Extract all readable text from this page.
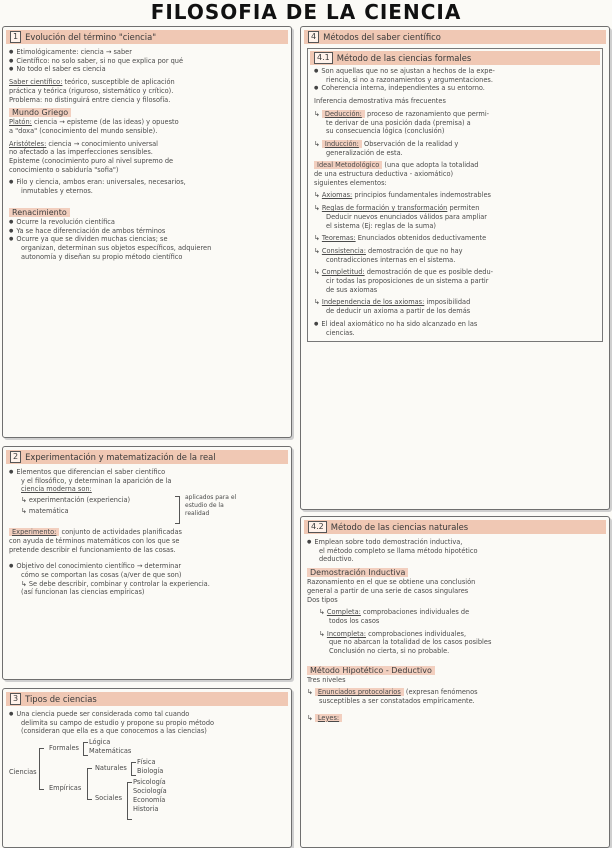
FILOSOFIA DE LA CIENCIA
1 Evolución del término "ciencia"
● Etimológicamente: ciencia → saber
● Científico: no solo saber, si no que explica por qué
● No todo el saber es ciencia
Saber científico: teórico, susceptible de aplicación
práctica y teórica (riguroso, sistemático y crítico).
Problema: no distinguirá entre ciencia y filosofía.
Mundo Griego
Platón: ciencia → episteme (de las ideas) y opuesto
a "doxa" (conocimiento del mundo sensible).
Aristóteles: ciencia → conocimiento universal
no afectado a las imperfecciones sensibles.
Episteme (conocimiento puro al nivel supremo de
conocimiento o sabiduría "sofia")
● Filo y ciencia, ambos eran: universales, necesarios,
inmutables y eternos.
Renacimiento
● Ocurre la revolución científica
● Ya se hace diferenciación de ambos términos
● Ocurre ya que se dividen muchas ciencias; se
organizan, determinan sus objetos específicos, adquieren
autonomía y diseñan su propio método científico
2 Experimentación y matematización de la real
● Elementos que diferencian el saber científico
y el filosófico, y determinan la aparición de la
ciencia moderna son:
↳ experimentación (experiencia)
↳ matemática
aplicados para el
estudio de la
realidad
Experimento: conjunto de actividades planificadas
con ayuda de términos matemáticos con los que se
pretende describir el funcionamiento de las cosas.
● Objetivo del conocimiento científico → determinar
cómo se comportan las cosas (a/ver de que son)
↳ Se debe describir, combinar y controlar la experiencia.
(así funcionan las ciencias empíricas)
3 Tipos de ciencias
● Una ciencia puede ser considerada como tal cuando
delimita su campo de estudio y propone su propio método
(consideran que ella es a que conocemos a las ciencias)
Ciencias
Formales
Lógica
Matemáticas
Empíricas
Naturales
Física
Biología
Sociales
Psicología
Sociología
Economía
Historia
4 Métodos del saber científico
4.1 Método de las ciencias formales
● Son aquellas que no se ajustan a hechos de la expe-
riencia, si no a razonamientos y argumentaciones.
● Coherencia interna, independientes a su entorno.
Inferencia demostrativa más frecuentes
↳ Deducción: proceso de razonamiento que permi-
te derivar de una posición dada (premisa) a
su consecuencia lógica (conclusión)
↳ Inducción: Observación de la realidad y
generalización de esta.
Ideal Metodológico (una que adopta la totalidad
de una estructura deductiva - axiomático)
siguientes elementos:
↳ Axiomas: principios fundamentales indemostrables
↳ Reglas de formación y transformación permiten
Deducir nuevos enunciados válidos para ampliar
el sistema (Ej: reglas de la suma)
↳ Teoremas: Enunciados obtenidos deductivamente
↳ Consistencia: demostración de que no hay
contradicciones internas en el sistema.
↳ Completitud: demostración de que es posible dedu-
cir todas las proposiciones de un sistema a partir
de sus axiomas
↳ Independencia de los axiomas: imposibilidad
de deducir un axioma a partir de los demás
● El ideal axiomático no ha sido alcanzado en las
ciencias.
4.2 Método de las ciencias naturales
● Emplean sobre todo demostración inductiva,
el método completo se llama método hipotético
deductivo.
Demostración Inductiva
Razonamiento en el que se obtiene una conclusión
general a partir de una serie de casos singulares
Dos tipos
↳ Completa: comprobaciones individuales de
todos los casos
↳ Incompleta: comprobaciones individuales,
que no abarcan la totalidad de los casos posibles
Conclusión no cierta, si no probable.
Método Hipotético - Deductivo
Tres niveles
↳ Enunciados protocolarios (expresan fenómenos
susceptibles a ser constatados empíricamente.
↳ Leyes:
